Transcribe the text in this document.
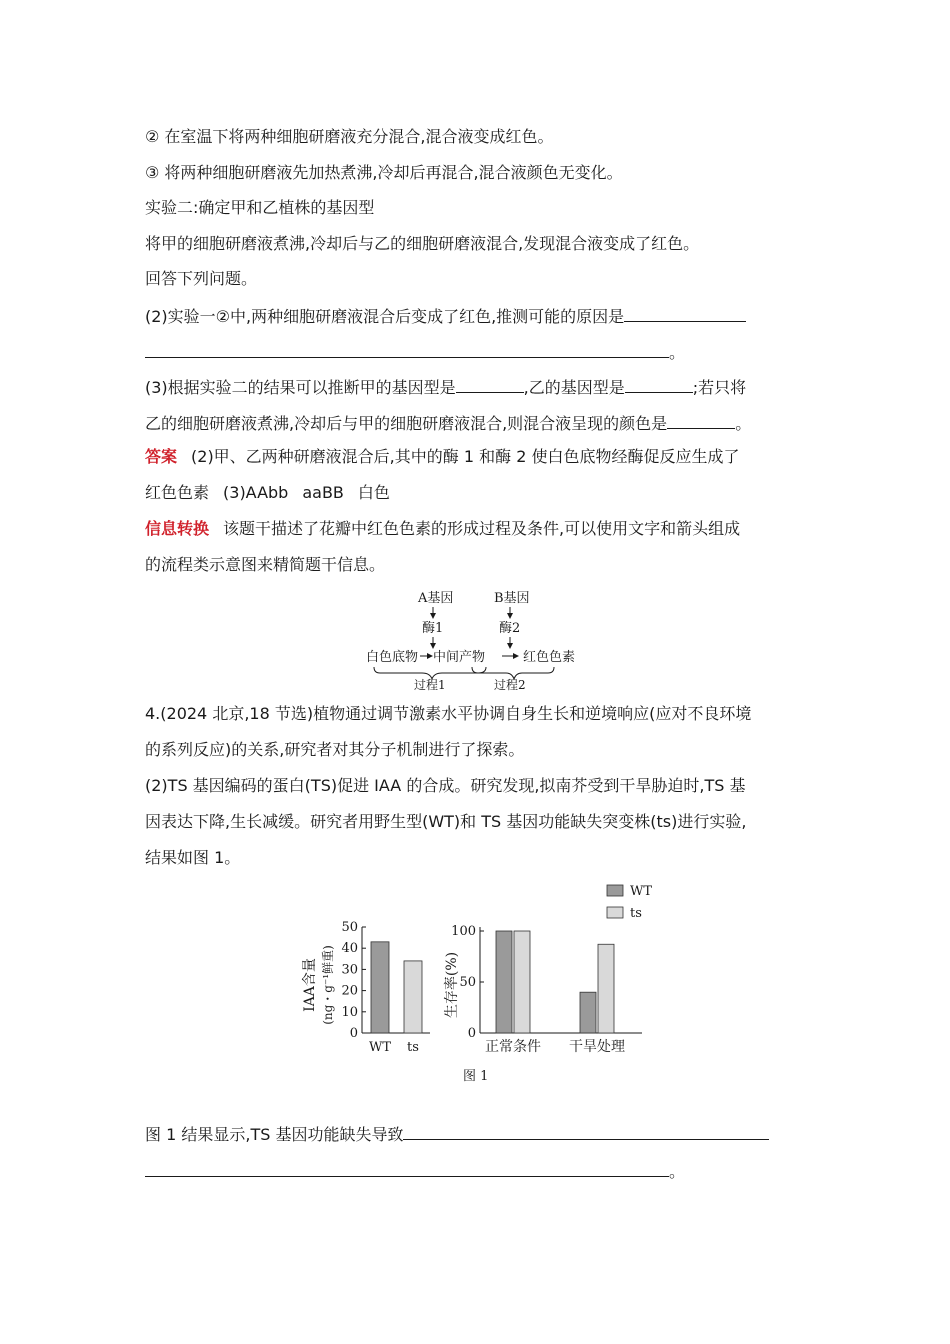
② 在室温下将两种细胞研磨液充分混合,混合液变成红色。
③ 将两种细胞研磨液先加热煮沸,冷却后再混合,混合液颜色无变化。
实验二:确定甲和乙植株的基因型
将甲的细胞研磨液煮沸,冷却后与乙的细胞研磨液混合,发现混合液变成了红色。
回答下列问题。
(2)实验一②中,两种细胞研磨液混合后变成了红色,推测可能的原因是
。
(3)根据实验二的结果可以推断甲的基因型是	,乙的基因型是	;若只将
乙的细胞研磨液煮沸,冷却后与甲的细胞研磨液混合,则混合液呈现的颜色是	。
答案 (2)甲、乙两种研磨液混合后,其中的酶 1 和酶 2 使白色底物经酶促反应生成了
红色色素 (3)AAbb aaBB 白色
信息转换 该题干描述了花瓣中红色色素的形成过程及条件,可以使用文字和箭头组成
的流程类示意图来精简题干信息。
A基因
酶1
B基因
酶2
白色底物 中间产物	红色色素
过程1	过程2
4.(2024 北京,18 节选)植物通过调节激素水平协调自身生长和逆境响应(应对不良环境
的系列反应)的关系,研究者对其分子机制进行了探索。
(2)TS 基因编码的蛋白(TS)促进 IAA 的合成。研究发现,拟南芥受到干旱胁迫时,TS 基
因表达下降,生长减缓。研究者用野生型(WT)和 TS 基因功能缺失突变株(ts)进行实验,
结果如图 1。
WT
ts
IAA含量 (ng・g⁻¹鲜重)	生存率(%)
0
10
20
30
40
50
WT ts
0
50
100
正常条件 干旱处理
图 1
图 1 结果显示,TS 基因功能缺失导致
。
